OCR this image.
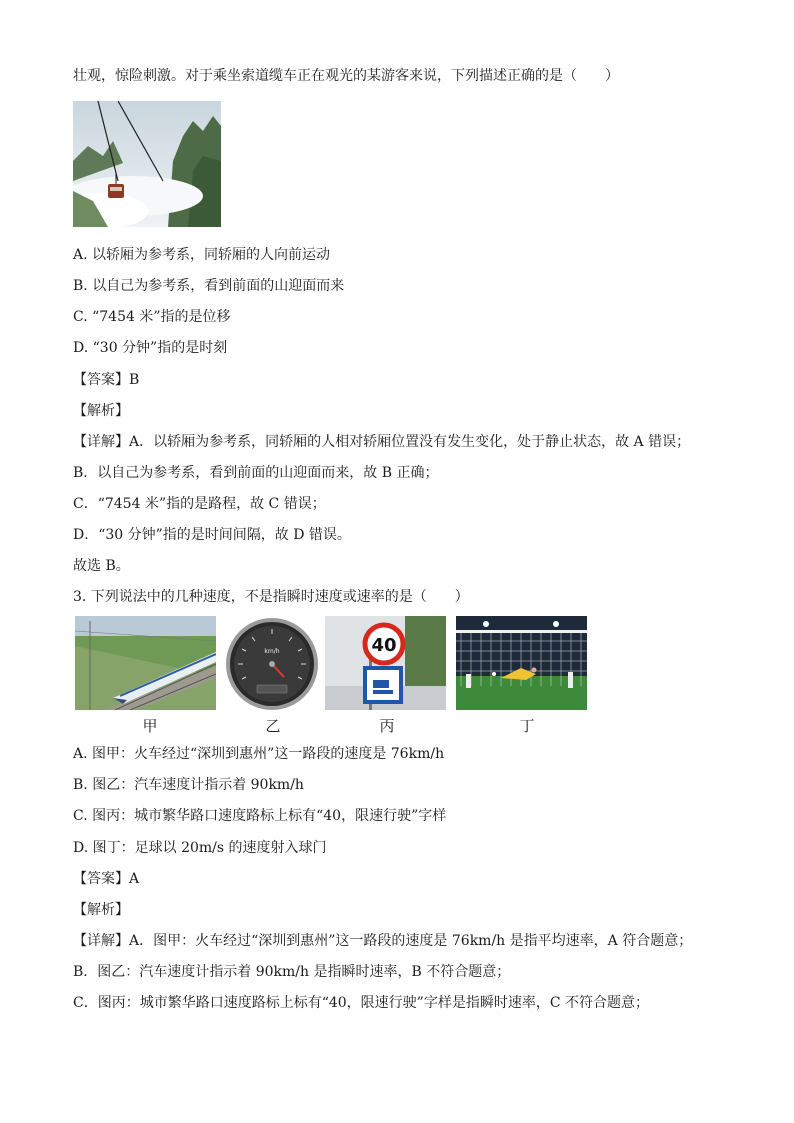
壮观，惊险刺激。对于乘坐索道缆车正在观光的某游客来说，下列描述正确的是（　　）
A. 以轿厢为参考系，同轿厢的人向前运动
B. 以自己为参考系，看到前面的山迎面而来
C. “7454 米”指的是位移
D. “30 分钟”指的是时刻
【答案】B
【解析】
【详解】A．以轿厢为参考系，同轿厢的人相对轿厢位置没有发生变化，处于静止状态，故 A 错误；
B．以自己为参考系，看到前面的山迎面而来，故 B 正确；
C．“7454 米”指的是路程，故 C 错误；
D．“30 分钟”指的是时间间隔，故 D 错误。
故选 B。
3. 下列说法中的几种速度，不是指瞬时速度或速率的是（　　）
km/h	40
甲	乙	丙	丁
A. 图甲：火车经过“深圳到惠州”这一路段的速度是 76km/h
B. 图乙：汽车速度计指示着 90km/h
C. 图丙：城市繁华路口速度路标上标有“40，限速行驶”字样
D. 图丁：足球以 20m/s 的速度射入球门
【答案】A
【解析】
【详解】A．图甲：火车经过“深圳到惠州”这一路段的速度是 76km/h 是指平均速率，A 符合题意；
B．图乙：汽车速度计指示着 90km/h 是指瞬时速率，B 不符合题意；
C．图丙：城市繁华路口速度路标上标有“40，限速行驶”字样是指瞬时速率，C 不符合题意；
